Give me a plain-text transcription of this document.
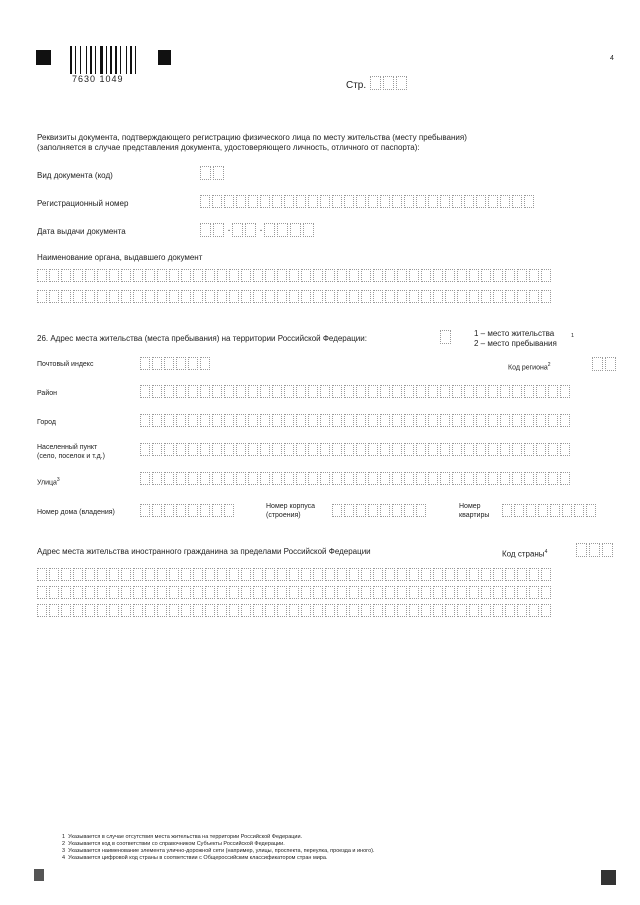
7630 1049
4
Стр.
Реквизиты документа, подтверждающего регистрацию физического лица по месту жительства (месту пребывания)
(заполняется в случае представления документа, удостоверяющего личность, отличного от паспорта):
Вид документа (код)
Регистрационный номер
Дата выдачи документа	.	.
Наименование органа, выдавшего документ
26. Адрес места жительства (места пребывания) на территории Российской Федерации:
1 – место жительства	1
2 – место пребывания
Почтовый индекс	Код региона$^2$
Район
Город
Населенный пункт
(село, поселок и т.д.)
Улица$^3$
Номер дома (владения)
Номер корпуса
(строения)
Номер
квартиры
Адрес места жительства иностранного гражданина за пределами Российской Федерации	Код страны$^4$
1 Указывается в случае отсутствия места жительства на территории Российской Федерации.
2 Указывается код в соответствии со справочником Субъекты Российской Федерации.
3 Указывается наименование элемента улично-дорожной сети (например, улицы, проспекта, переулка, проезда и иного).
4 Указывается цифровой код страны в соответствии с Общероссийским классификатором стран мира.
